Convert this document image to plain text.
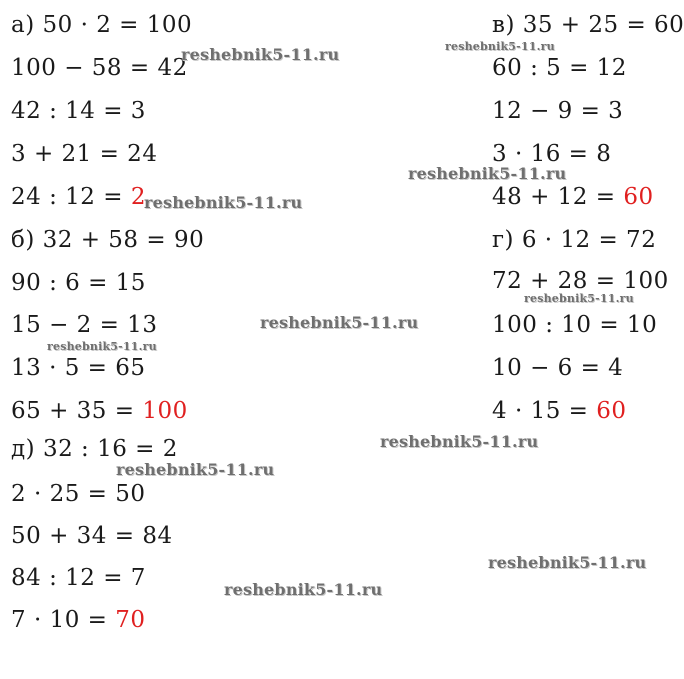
а) 50 · 2 = 100
100 − 58 = 42
42 : 14 = 3
3 + 21 = 24
24 : 12 = 2
б) 32 + 58 = 90
90 : 6 = 15
15 − 2 = 13
13 · 5 = 65
65 + 35 = 100
д) 32 : 16 = 2
2 · 25 = 50
50 + 34 = 84
84 : 12 = 7
7 · 10 = 70
в) 35 + 25 = 60
60 : 5 = 12
12 − 9 = 3
3 · 16 = 8
48 + 12 = 60
г) 6 · 12 = 72
72 + 28 = 100
100 : 10 = 10
10 − 6 = 4
4 · 15 = 60
reshebnik5-11.ru	reshebnik5-11.ru
reshebnik5-11.ru
reshebnik5-11.ru
reshebnik5-11.ru
reshebnik5-11.ru
reshebnik5-11.ru
reshebnik5-11.ru
reshebnik5-11.ru
reshebnik5-11.ru
reshebnik5-11.ru
